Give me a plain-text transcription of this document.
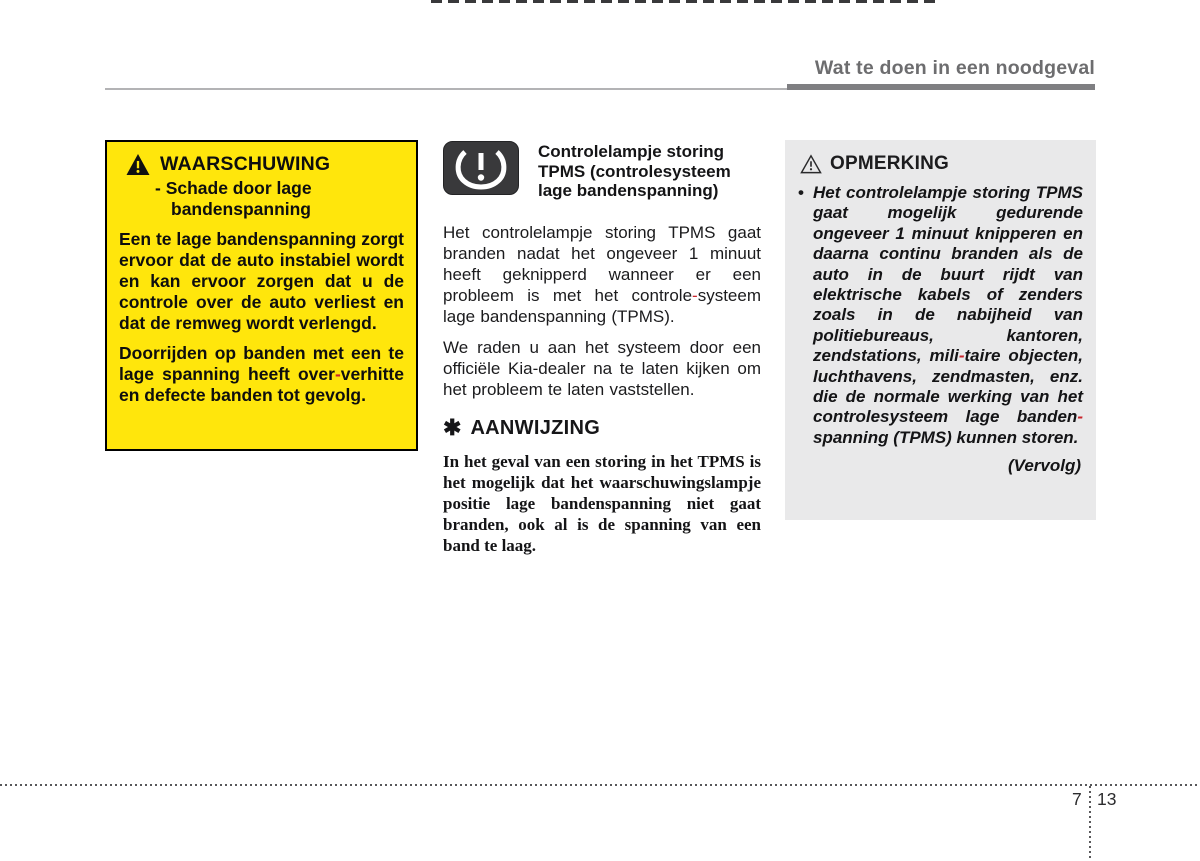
Wat te doen in een noodgeval
WAARSCHUWING
- Schade door lage
bandenspanning

Een te lage bandenspanning zorgt ervoor dat de auto instabiel wordt en kan ervoor zorgen dat u de controle over de auto verliest en dat de remweg wordt verlengd.

Doorrijden op banden met een te lage spanning heeft over-verhitte en defecte banden tot gevolg.

Controlelampje storing
TPMS (controlesysteem
lage bandenspanning)

Het controlelampje storing TPMS gaat branden nadat het ongeveer 1 minuut heeft geknipperd wanneer er een probleem is met het controle-systeem lage bandenspanning (TPMS).

We raden u aan het systeem door een officiële Kia-dealer na te laten kijken om het probleem te laten vaststellen.

✱ AANWIJZING

In het geval van een storing in het TPMS is het mogelijk dat het waarschuwingslampje positie lage bandenspanning niet gaat branden, ook al is de spanning van een band te laag.

OPMERKING
• Het controlelampje storing TPMS gaat mogelijk gedurende ongeveer 1 minuut knipperen en daarna continu branden als de auto in de buurt rijdt van elektrische kabels of zenders zoals in de nabijheid van politiebureaus, kantoren, zendstations, mili-taire objecten, luchthavens, zendmasten, enz. die de normale werking van het controlesysteem lage banden-spanning (TPMS) kunnen storen.

(Vervolg)
7 13
